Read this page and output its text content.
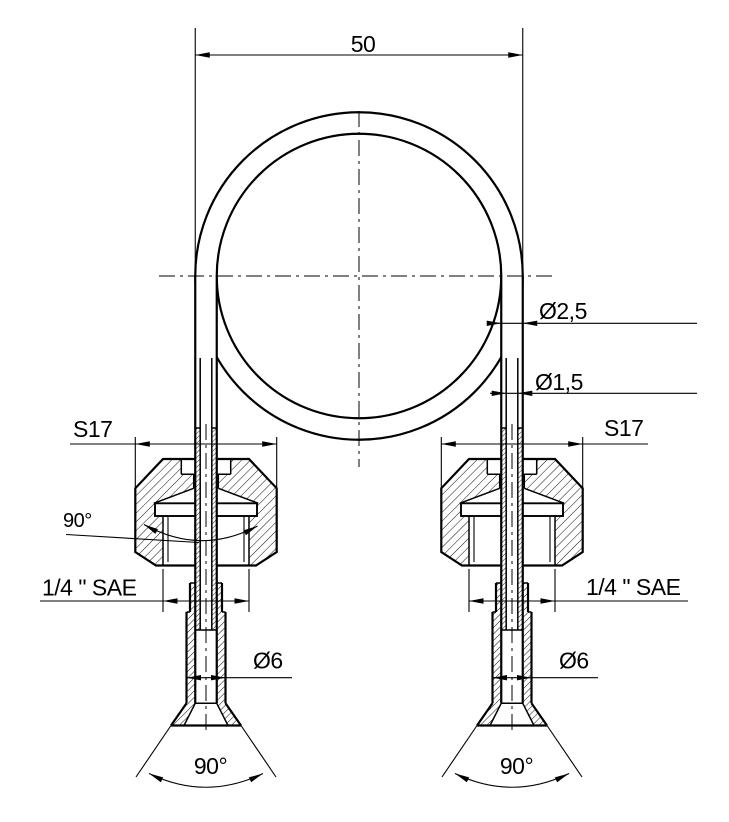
50
S17	S17
Ø2,5
Ø1,5
90°
1/4 " SAE	1/4 " SAE
Ø6	Ø6
90°	90°
